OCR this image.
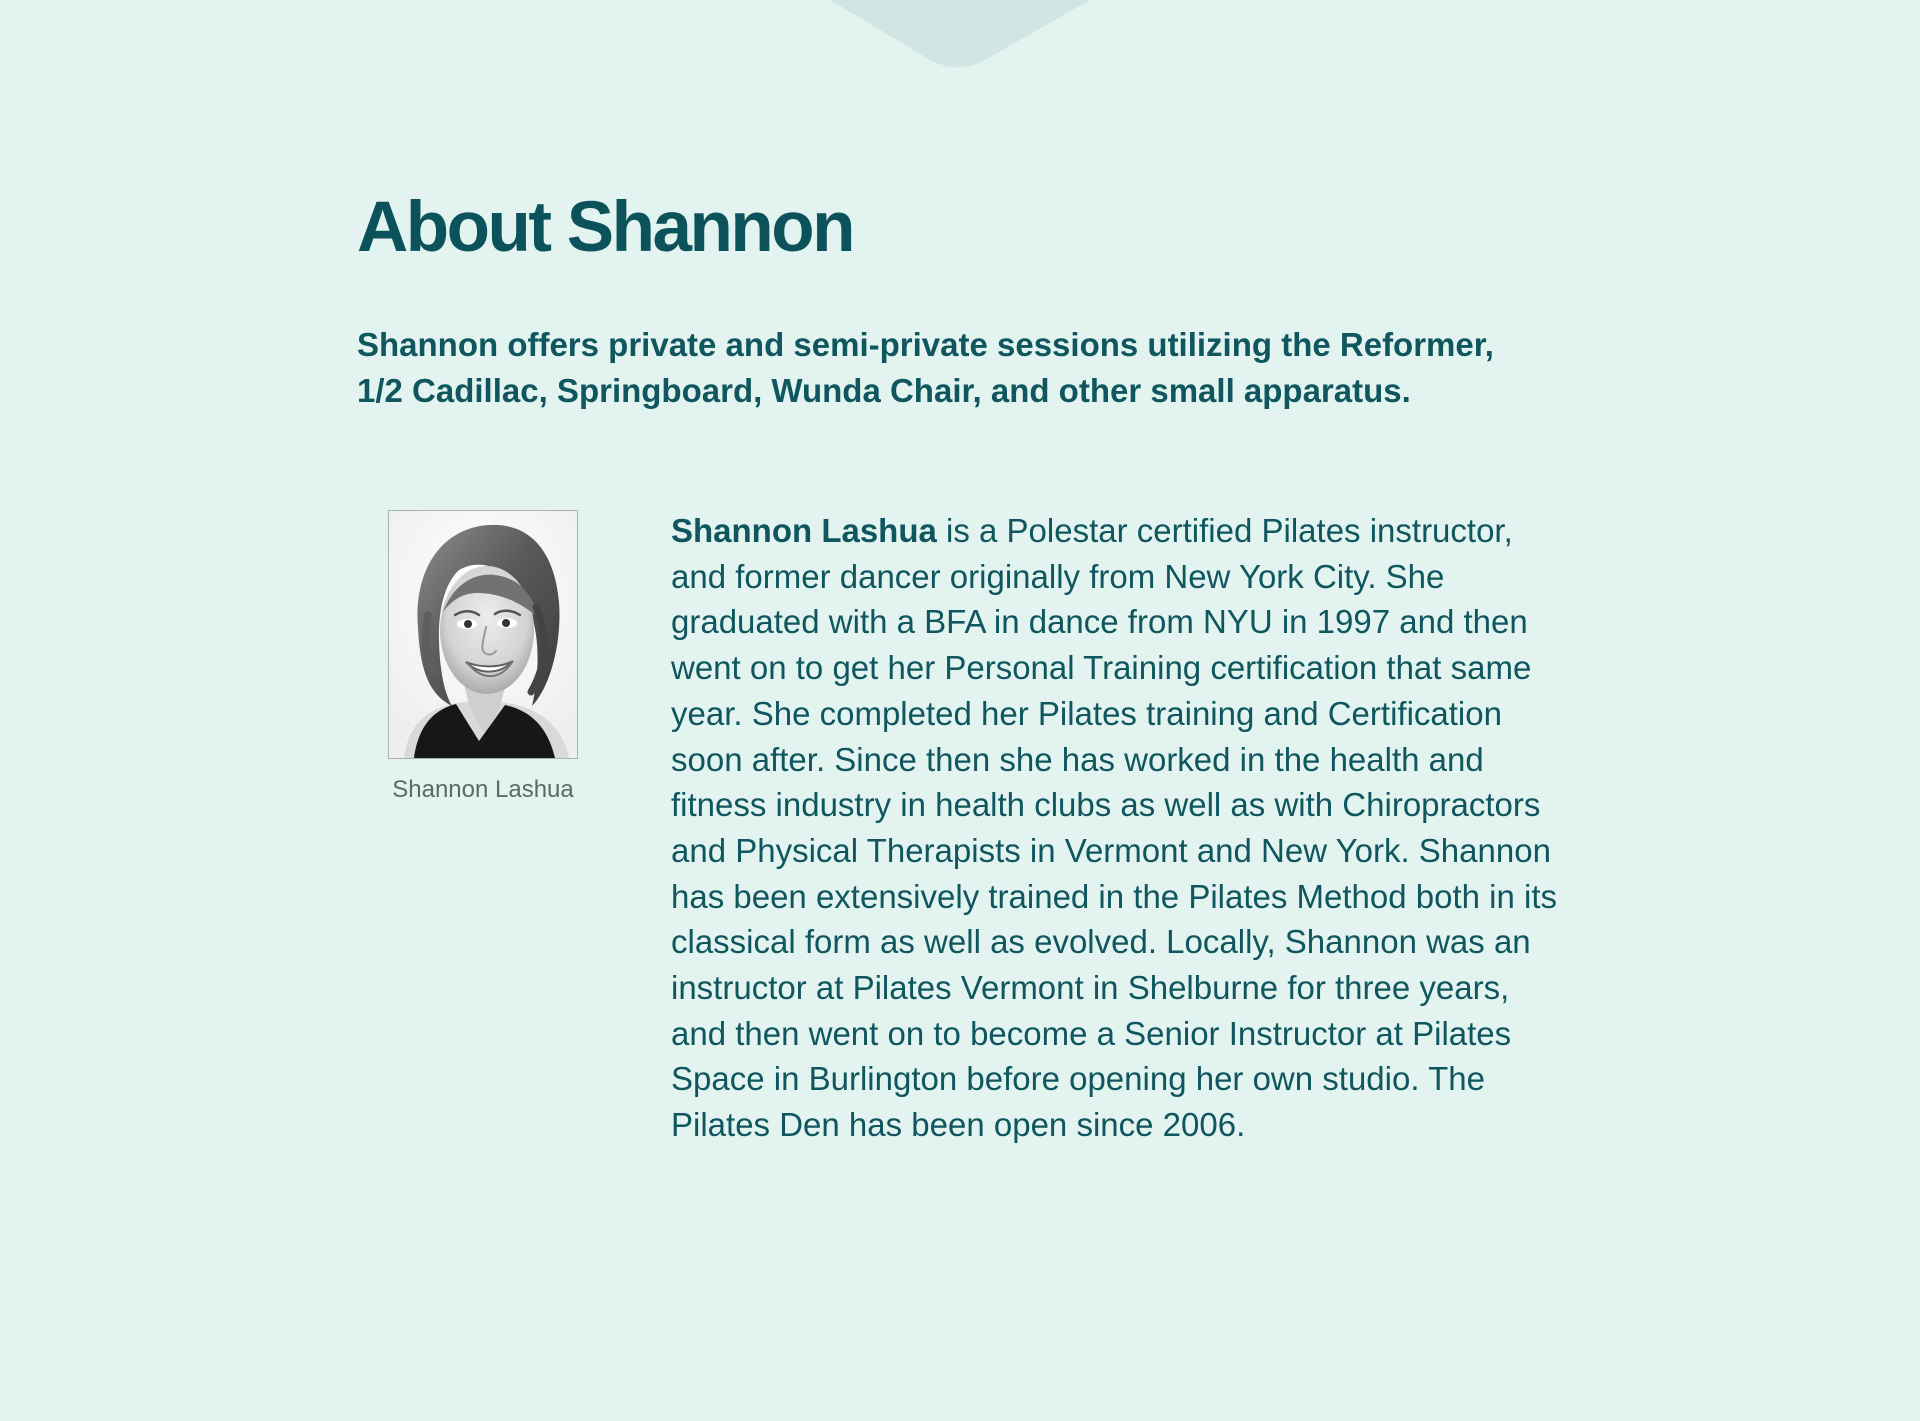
About Shannon

Shannon offers private and semi-private sessions utilizing the Reformer, 1/2 Cadillac, Springboard, Wunda Chair, and other small apparatus.

Shannon Lashua

Shannon Lashua is a Polestar certified Pilates instructor, and former dancer originally from New York City. She graduated with a BFA in dance from NYU in 1997 and then went on to get her Personal Training certification that same year. She completed her Pilates training and Certification soon after. Since then she has worked in the health and fitness industry in health clubs as well as with Chiropractors and Physical Therapists in Vermont and New York. Shannon has been extensively trained in the Pilates Method both in its classical form as well as evolved. Locally, Shannon was an instructor at Pilates Vermont in Shelburne for three years, and then went on to become a Senior Instructor at Pilates Space in Burlington before opening her own studio. The Pilates Den has been open since 2006.
